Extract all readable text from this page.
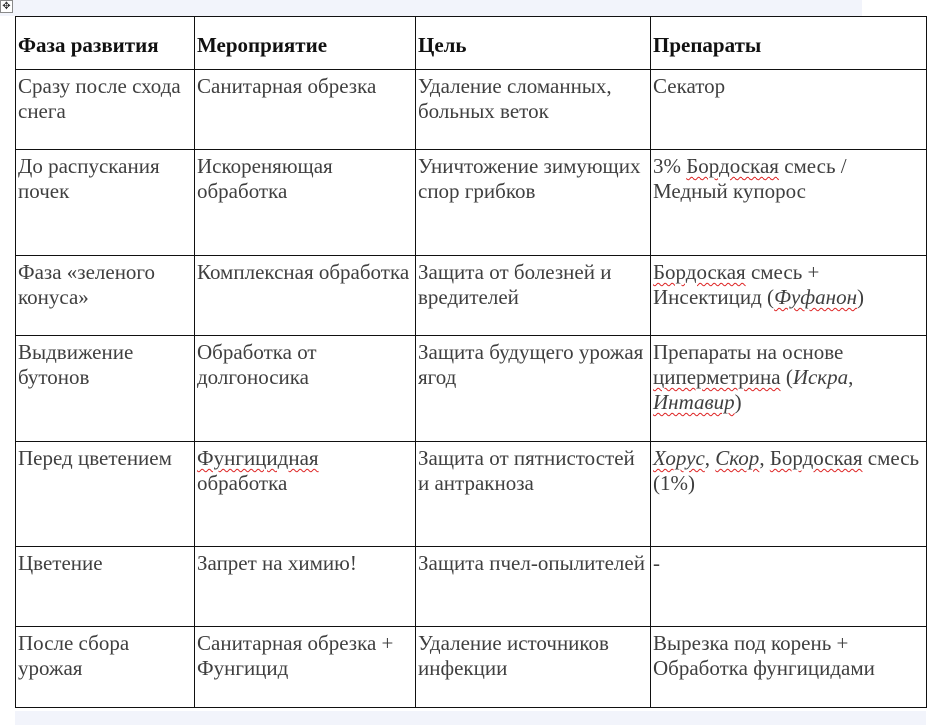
✥
Фаза развития	Мероприятие	Цель	Препараты
Сразу после схода снега	Санитарная обрезка	Удаление сломанных, больных веток	Секатор
До распускания почек	Искореняющая обработка	Уничтожение зимующих спор грибков	3% Бордоская смесь / Медный купорос
Фаза «зеленого конуса»	Комплексная обработка	Защита от болезней и вредителей	Бордоская смесь + Инсектицид (Фуфанон)
Выдвижение бутонов	Обработка от долгоносика	Защита будущего урожая ягод	Препараты на основе циперметрина (Искра, Интавир)
Перед цветением	Фунгицидная обработка	Защита от пятнистостей и антракноза	Хорус, Скор, Бордоская смесь (1%)
Цветение	Запрет на химию!	Защита пчел-опылителей	-
После сбора урожая	Санитарная обрезка + Фунгицид	Удаление источников инфекции	Вырезка под корень + Обработка фунгицидами
